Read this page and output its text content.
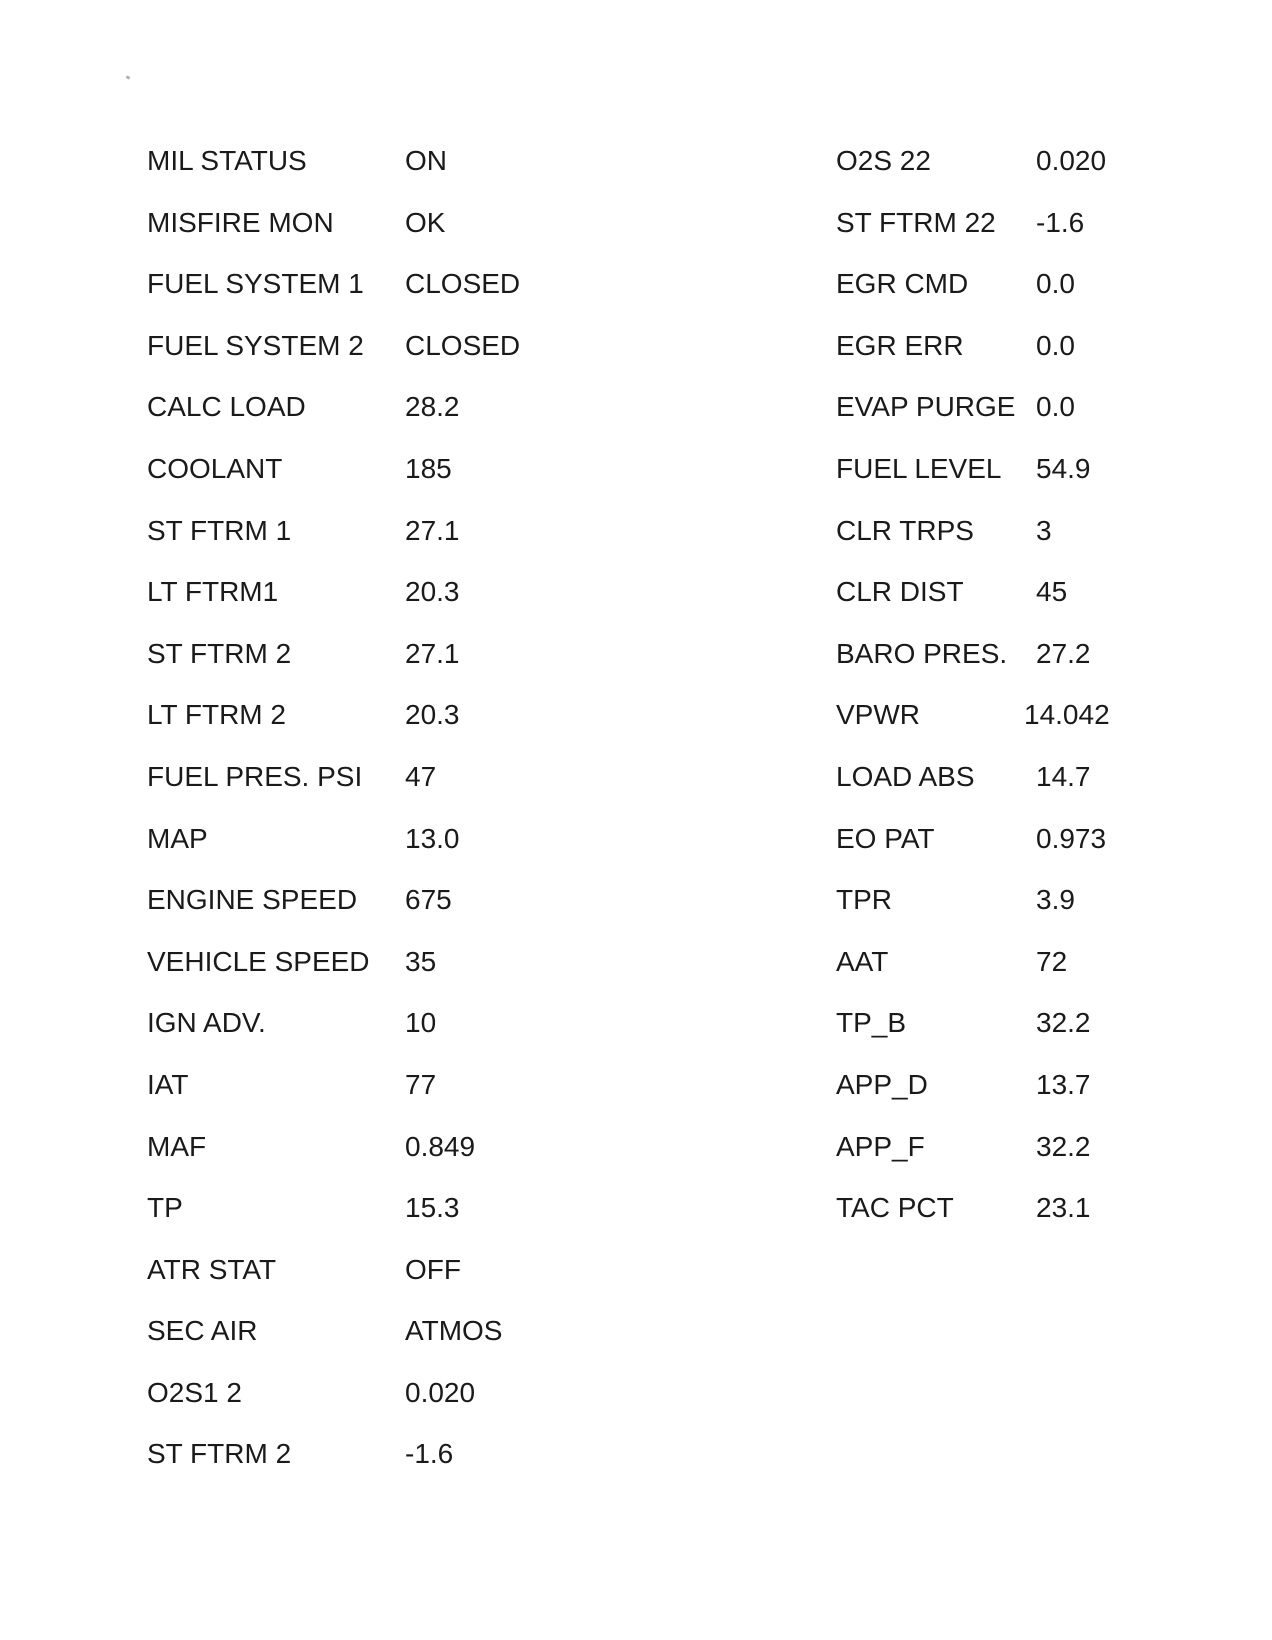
MIL STATUS	ON
MISFIRE MON	OK
FUEL SYSTEM 1 CLOSED
FUEL SYSTEM 2 CLOSED
CALC LOAD	28.2
COOLANT	185
ST FTRM 1	27.1
LT FTRM1	20.3
ST FTRM 2	27.1
LT FTRM 2	20.3
FUEL PRES. PSI 47
MAP	13.0
ENGINE SPEED 675
VEHICLE SPEED 35
IGN ADV.	10
IAT	77
MAF	0.849
TP	15.3
ATR STAT	OFF
SEC AIR	ATMOS
O2S1 2	0.020
ST FTRM 2	-1.6
O2S 22	0.020
ST FTRM 22 -1.6
EGR CMD 0.0
EGR ERR	0.0
EVAP PURGE 0.0
FUEL LEVEL 54.9
CLR TRPS 3
CLR DIST	45
BARO PRES. 27.2
VPWR	14.042
LOAD ABS 14.7
EO PAT	0.973
TPR	3.9
AAT	72
TP_B	32.2
APP_D	13.7
APP_F	32.2
TAC PCT	23.1
